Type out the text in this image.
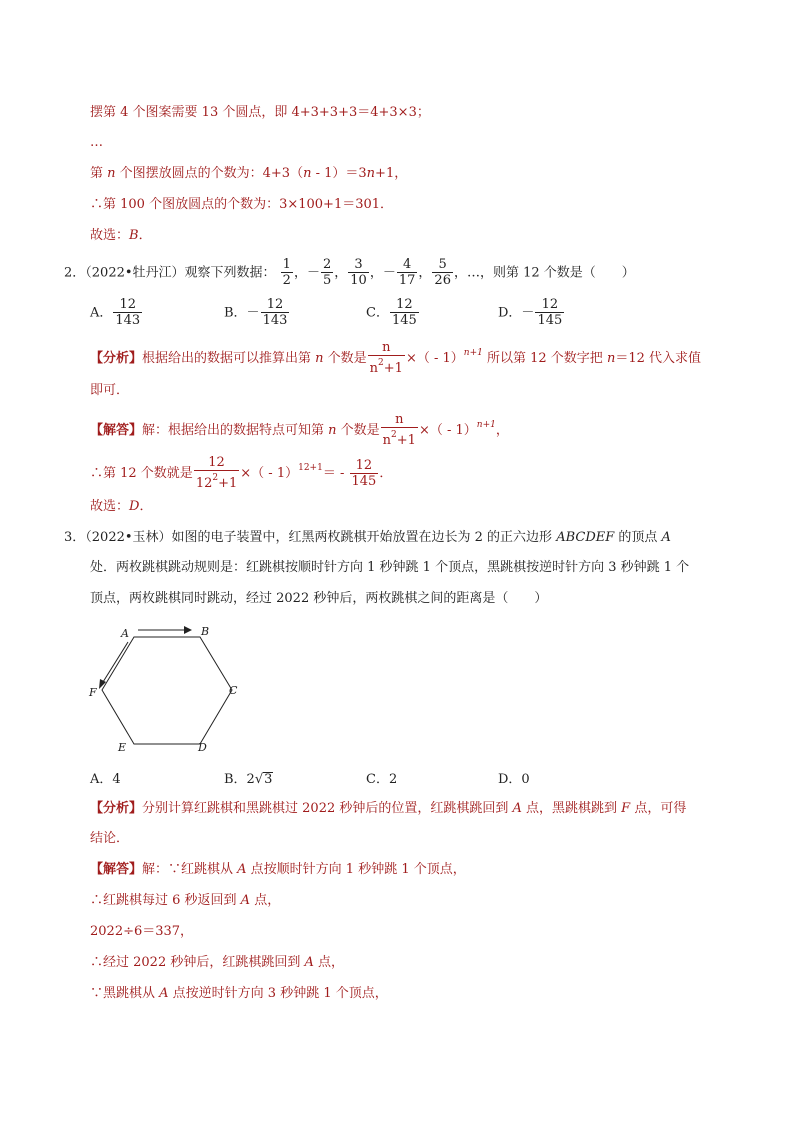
摆第 4 个图案需要 13 个圆点，即 4+3+3+3＝4+3×3；
…
第 n 个图摆放圆点的个数为：4+3（n - 1）＝3n+1，
∴第 100 个图放圆点的个数为：3×100+1＝301．
故选：B．
2．（2022•牡丹江）观察下列数据： $\frac{1}{2}$ ，－ $\frac{2}{5}$ ， $\frac{3}{10}$ ，－ $\frac{4}{17}$ ， $\frac{5}{26}$ ，…，则第 12 个数是（　　）
A． $\frac{12}{143}$	B．－ $\frac{12}{143}$	C． $\frac{12}{145}$	D．－ $\frac{12}{145}$
【分析】根据给出的数据可以推算出第 n 个数是 $\frac{n}{n^2+1}$ ×（ - 1）$^{n+1}$ 所以第 12 个数字把 n＝12 代入求值
即可．
【解答】解：根据给出的数据特点可知第 n 个数是 $\frac{n}{n^2+1}$ ×（ - 1）$^{n+1}$，
∴第 12 个数就是 $\frac{12}{12^2+1}$ ×（ - $1)^{12+1}= - \frac{12}{145}$ ．
故选：D．
3．（2022•玉林）如图的电子装置中，红黑两枚跳棋开始放置在边长为 2 的正六边形 ABCDEF 的顶点 A
处．两枚跳棋跳动规则是：红跳棋按顺时针方向 1 秒钟跳 1 个顶点，黑跳棋按逆时针方向 3 秒钟跳 1 个
顶点，两枚跳棋同时跳动，经过 2022 秒钟后，两枚跳棋之间的距离是（　　）
A	B
C
D
E
F
A．4	B．2√3	C．2	D．0
【分析】分别计算红跳棋和黑跳棋过 2022 秒钟后的位置，红跳棋跳回到 A 点，黑跳棋跳到 F 点，可得
结论．
【解答】解：∵红跳棋从 A 点按顺时针方向 1 秒钟跳 1 个顶点，
∴红跳棋每过 6 秒返回到 A 点，
2022÷6＝337，
∴经过 2022 秒钟后，红跳棋跳回到 A 点，
∵黑跳棋从 A 点按逆时针方向 3 秒钟跳 1 个顶点，
